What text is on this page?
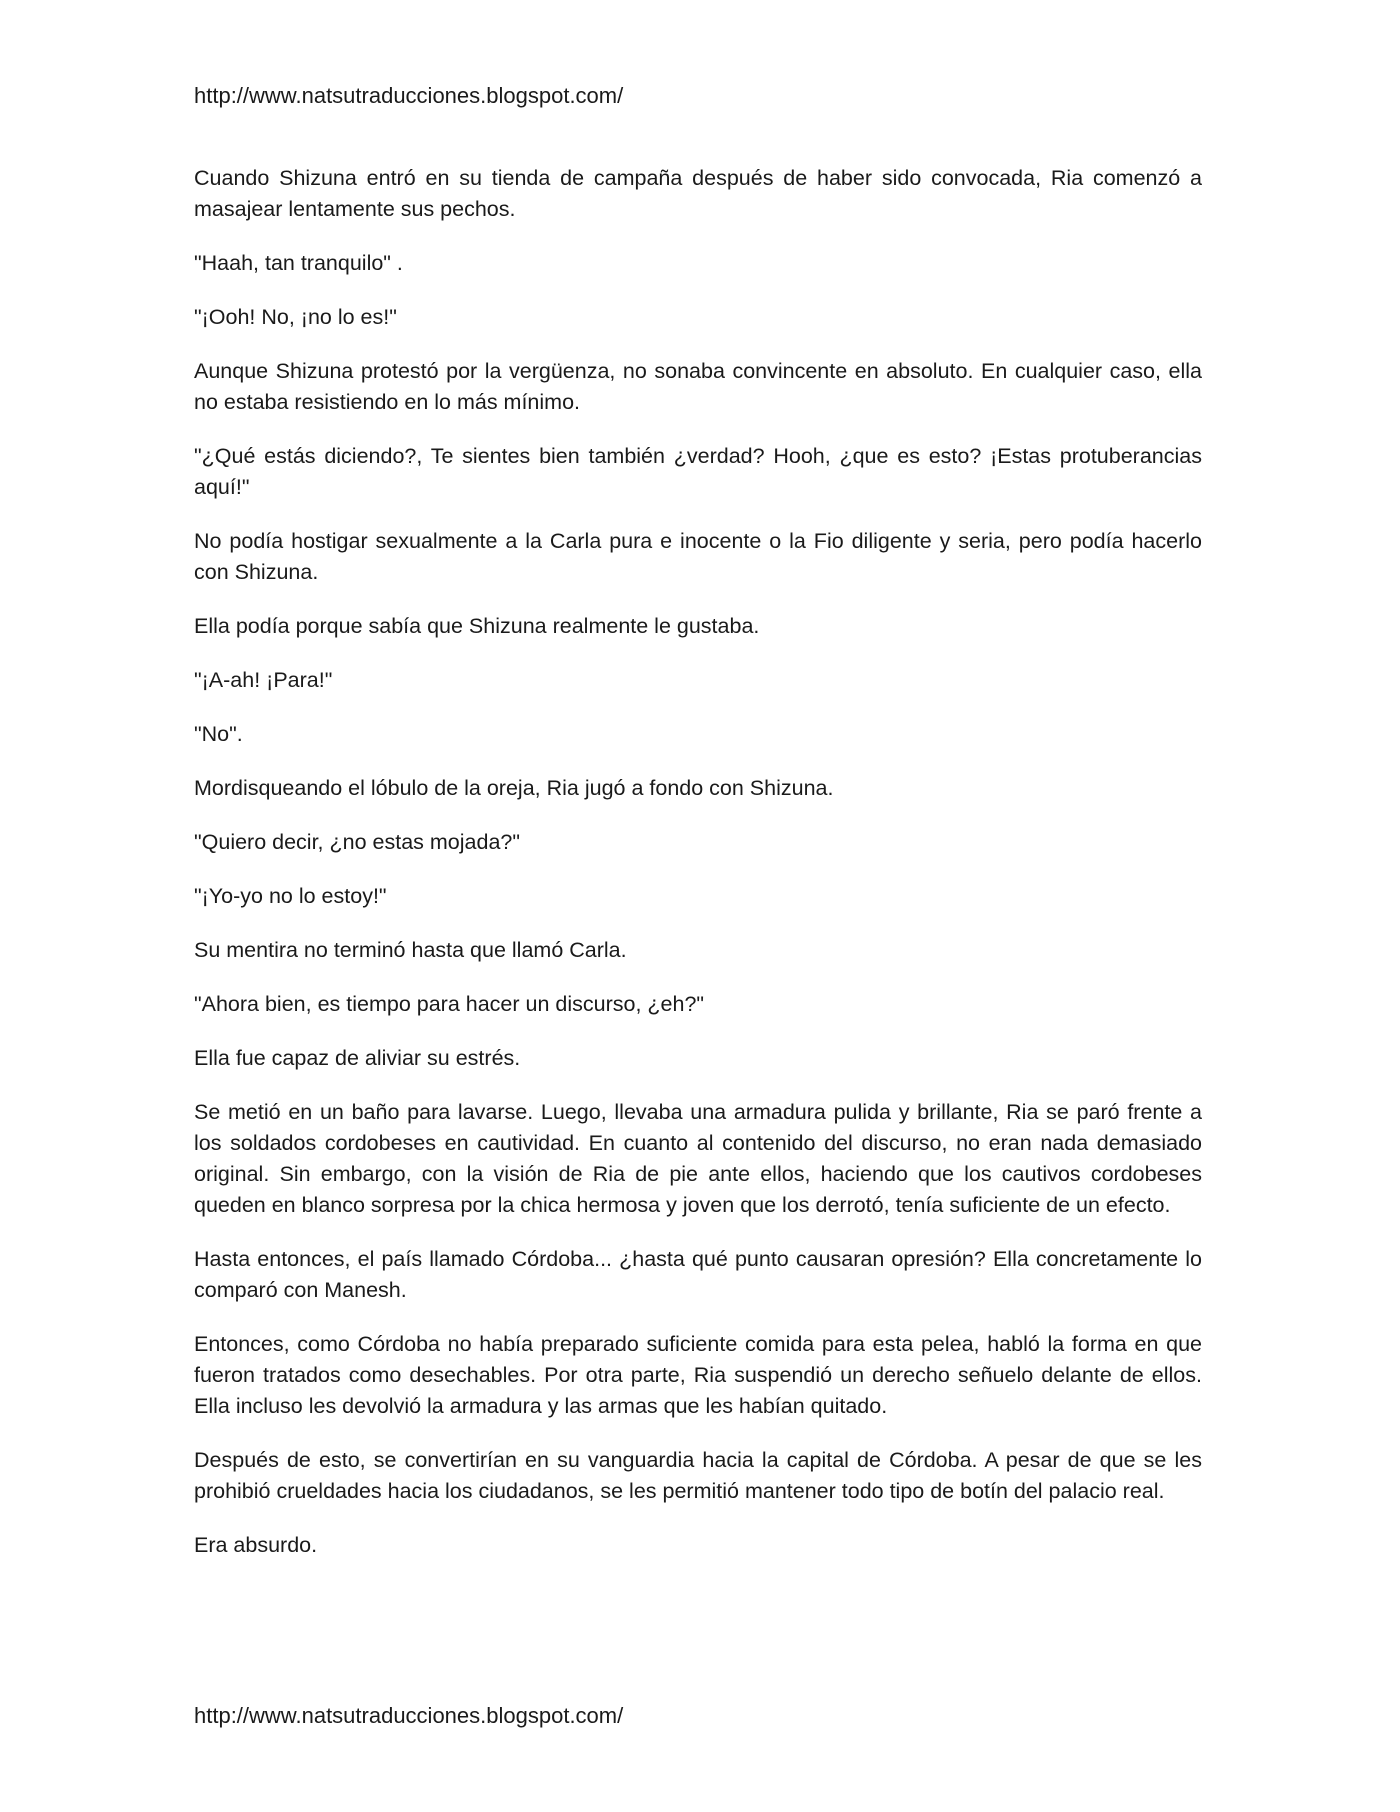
http://www.natsutraducciones.blogspot.com/

Cuando Shizuna entró en su tienda de campaña después de haber sido convocada, Ria comenzó a masajear lentamente sus pechos.

"Haah, tan tranquilo" .

"¡Ooh! No, ¡no lo es!"

Aunque Shizuna protestó por la vergüenza, no sonaba convincente en absoluto. En cualquier caso, ella no estaba resistiendo en lo más mínimo.

"¿Qué estás diciendo?, Te sientes bien también ¿verdad? Hooh, ¿que es esto? ¡Estas protuberancias aquí!"

No podía hostigar sexualmente a la Carla pura e inocente o la Fio diligente y seria, pero podía hacerlo con Shizuna.

Ella podía porque sabía que Shizuna realmente le gustaba.

"¡A-ah! ¡Para!"

"No".

Mordisqueando el lóbulo de la oreja, Ria jugó a fondo con Shizuna.

"Quiero decir, ¿no estas mojada?"

"¡Yo-yo no lo estoy!"

Su mentira no terminó hasta que llamó Carla.

"Ahora bien, es tiempo para hacer un discurso, ¿eh?"

Ella fue capaz de aliviar su estrés.

Se metió en un baño para lavarse. Luego, llevaba una armadura pulida y brillante, Ria se paró frente a los soldados cordobeses en cautividad. En cuanto al contenido del discurso, no eran nada demasiado original. Sin embargo, con la visión de Ria de pie ante ellos, haciendo que los cautivos cordobeses queden en blanco sorpresa por la chica hermosa y joven que los derrotó, tenía suficiente de un efecto.

Hasta entonces, el país llamado Córdoba... ¿hasta qué punto causaran opresión? Ella concretamente lo comparó con Manesh.

Entonces, como Córdoba no había preparado suficiente comida para esta pelea, habló la forma en que fueron tratados como desechables. Por otra parte, Ria suspendió un derecho señuelo delante de ellos. Ella incluso les devolvió la armadura y las armas que les habían quitado.

Después de esto, se convertirían en su vanguardia hacia la capital de Córdoba. A pesar de que se les prohibió crueldades hacia los ciudadanos, se les permitió mantener todo tipo de botín del palacio real.

Era absurdo.

http://www.natsutraducciones.blogspot.com/
